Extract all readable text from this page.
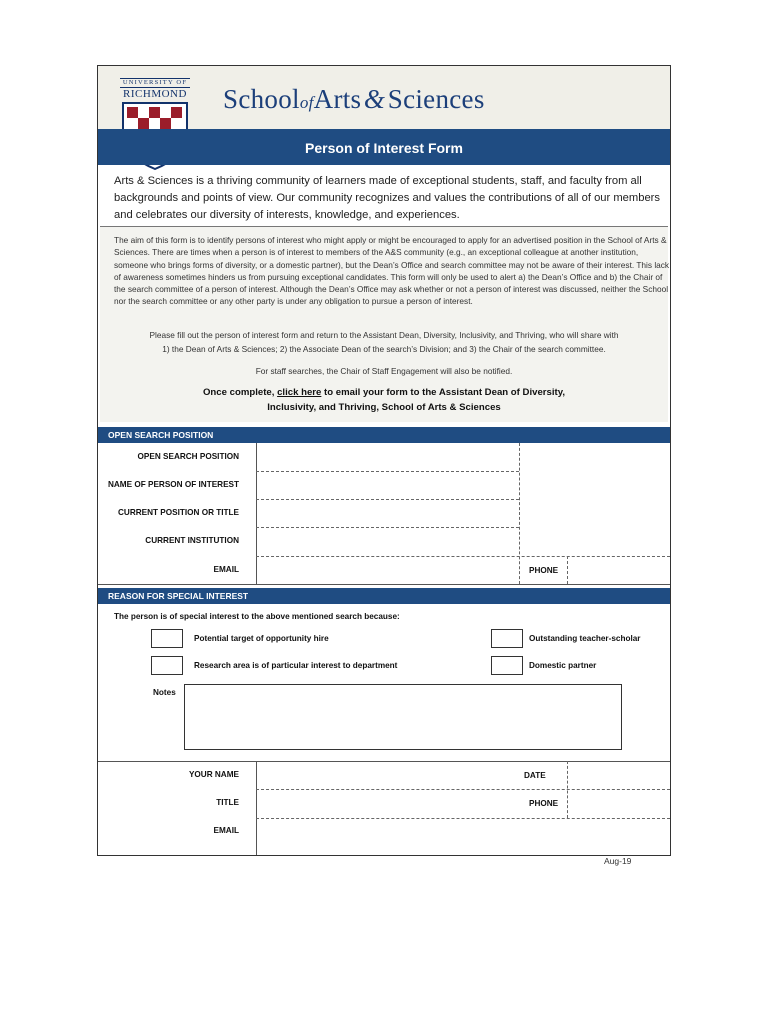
UNIVERSITY OF
RICHMOND SchoolofArts & Sciences
Person of Interest Form
Arts & Sciences is a thriving community of learners made of exceptional students, staff, and faculty from all backgrounds and points of view. Our community recognizes and values the contributions of all of our members and celebrates our diversity of interests, knowledge, and experiences.
The aim of this form is to identify persons of interest who might apply or might be encouraged to apply for an advertised position in the School of Arts & Sciences. There are times when a person is of interest to members of the A&S community (e.g., an exceptional colleague at another institution, someone who brings forms of diversity, or a domestic partner), but the Dean’s Office and search committee may not be aware of their interest. This lack of awareness sometimes hinders us from pursuing exceptional candidates. This form will only be used to alert a) the Dean’s Office and b) the Chair of the search committee of a person of interest. Although the Dean’s Office may ask whether or not a person of interest was discussed, neither the School nor the search committee or any other party is under any obligation to pursue a person of interest.
Please fill out the person of interest form and return to the Assistant Dean, Diversity, Inclusivity, and Thriving, who will share with
1) the Dean of Arts & Sciences; 2) the Associate Dean of the search’s Division; and 3) the Chair of the search committee.
For staff searches, the Chair of Staff Engagement will also be notified.
Once complete, click here to email your form to the Assistant Dean of Diversity,
Inclusivity, and Thriving, School of Arts & Sciences
OPEN SEARCH POSITION
OPEN SEARCH POSITION
NAME OF PERSON OF INTEREST
CURRENT POSITION OR TITLE
CURRENT INSTITUTION
EMAIL	PHONE
REASON FOR SPECIAL INTEREST
The person is of special interest to the above mentioned search because:
Potential target of opportunity hire	Outstanding teacher-scholar
Research area is of particular interest to department	Domestic partner
Notes
YOUR NAME	DATE
TITLE	PHONE
EMAIL
Aug-19
